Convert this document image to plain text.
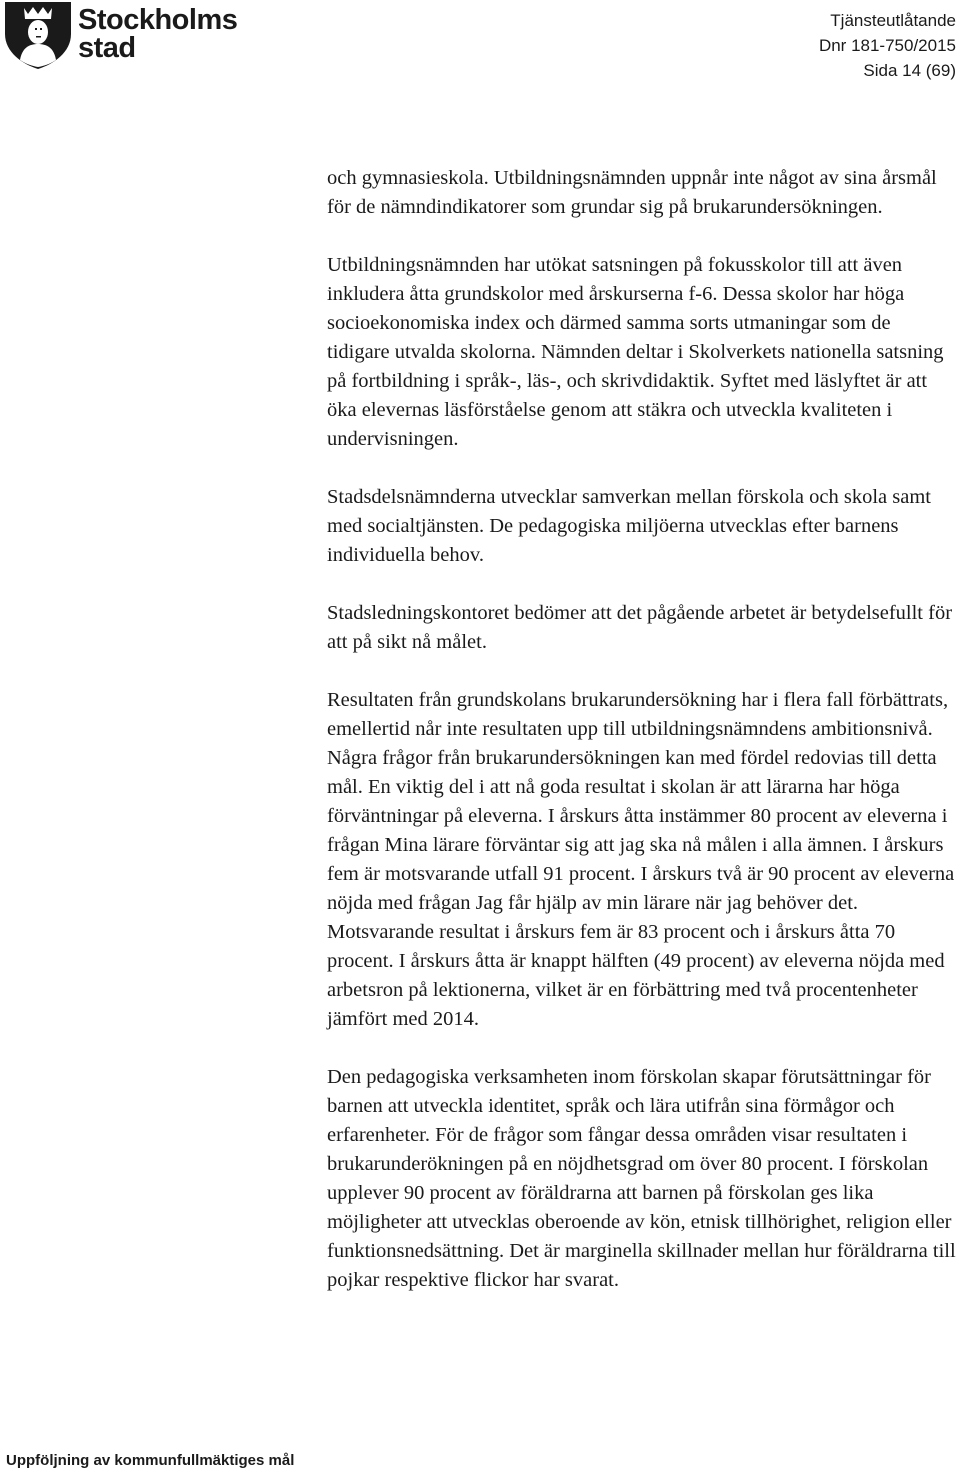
Stockholms
stad
Tjänsteutlåtande
Dnr 181-750/2015
Sida 14 (69)

och gymnasieskola. Utbildningsnämnden uppnår inte något av sina årsmål för de nämndindikatorer som grundar sig på brukarundersökningen.

Utbildningsnämnden har utökat satsningen på fokusskolor till att även inkludera åtta grundskolor med årskurserna f-6. Dessa skolor har höga socioekonomiska index och därmed samma sorts utmaningar som de tidigare utvalda skolorna. Nämnden deltar i Skolverkets nationella satsning på fortbildning i språk-, läs-, och skrivdidaktik. Syftet med läslyftet är att öka elevernas läsförståelse genom att stäkra och utveckla kvaliteten i undervisningen.

Stadsdelsnämnderna utvecklar samverkan mellan förskola och skola samt med socialtjänsten. De pedagogiska miljöerna utvecklas efter barnens individuella behov.

Stadsledningskontoret bedömer att det pågående arbetet är betydelsefullt för att på sikt nå målet.

Resultaten från grundskolans brukarundersökning har i flera fall förbättrats, emellertid når inte resultaten upp till utbildningsnämndens ambitionsnivå. Några frågor från brukarundersökningen kan med fördel redovias till detta mål. En viktig del i att nå goda resultat i skolan är att lärarna har höga förväntningar på eleverna. I årskurs åtta instämmer 80 procent av eleverna i frågan Mina lärare förväntar sig att jag ska nå målen i alla ämnen. I årskurs fem är motsvarande utfall 91 procent. I årskurs två är 90 procent av eleverna nöjda med frågan Jag får hjälp av min lärare när jag behöver det. Motsvarande resultat i årskurs fem är 83 procent och i årskurs åtta 70 procent. I årskurs åtta är knappt hälften (49 procent) av eleverna nöjda med arbetsron på lektionerna, vilket är en förbättring med två procentenheter jämfört med 2014.

Den pedagogiska verksamheten inom förskolan skapar förutsättningar för barnen att utveckla identitet, språk och lära utifrån sina förmågor och erfarenheter. För de frågor som fångar dessa områden visar resultaten i brukarunderökningen på en nöjdhetsgrad om över 80 procent. I förskolan upplever 90 procent av föräldrarna att barnen på förskolan ges lika möjligheter att utvecklas oberoende av kön, etnisk tillhörighet, religion eller funktionsnedsättning. Det är marginella skillnader mellan hur föräldrarna till pojkar respektive flickor har svarat.

Uppföljning av kommunfullmäktiges mål
